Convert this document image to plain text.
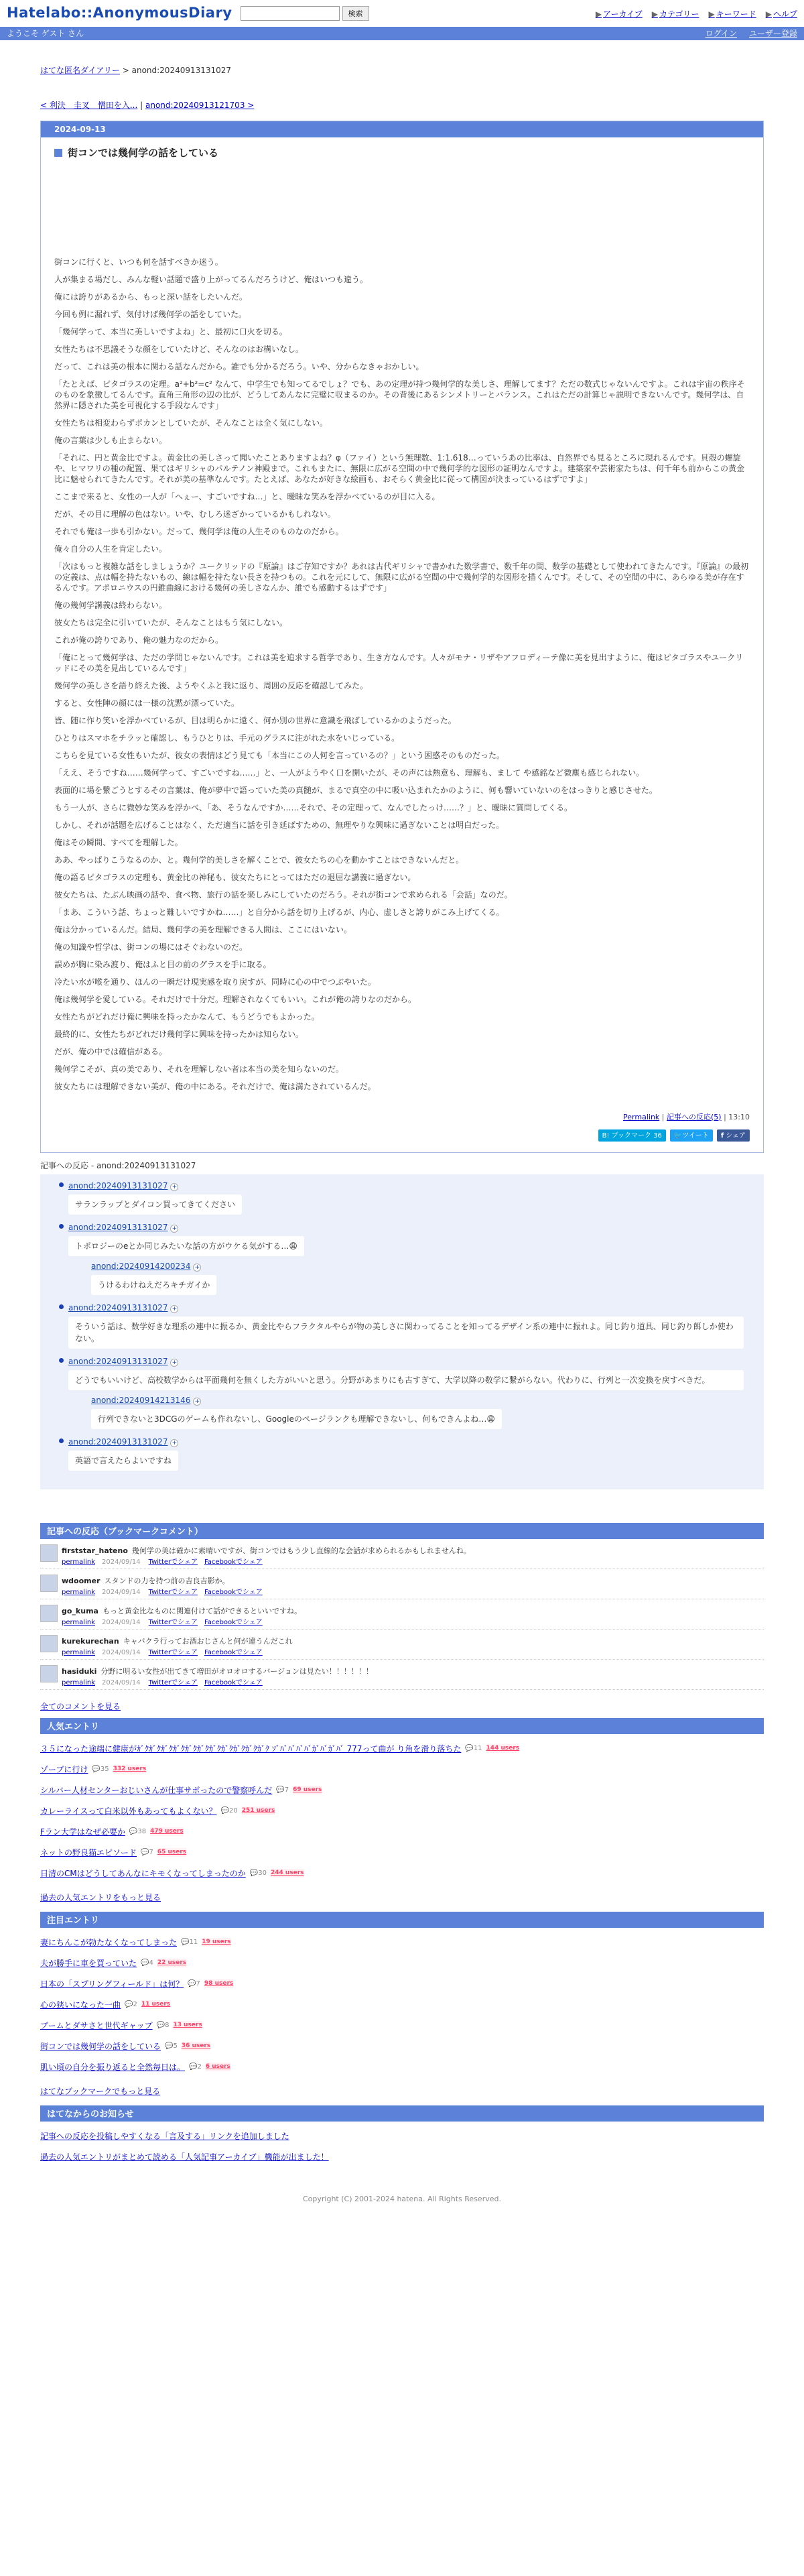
Hatelabo::AnonymousDiary	検索	▶ アーカイブ ▶ カテゴリー ▶ キーワード ▶ ヘルプ
ようこそ ゲスト さん	ログイン ユーザー登録
はてな匿名ダイアリー > anond:20240913131027
< 利決　圭叉　憎田を入... | anond:20240913121703 >
2024-09-13
街コンでは幾何学の話をしている

街コンに行くと、いつも何を話すべきか迷う。

人が集まる場だし、みんな軽い話題で盛り上がってるんだろうけど、俺はいつも違う。

俺には誇りがあるから、もっと深い話をしたいんだ。

今回も例に漏れず、気付けば幾何学の話をしていた。

「幾何学って、本当に美しいですよね」と、最初に口火を切る。

女性たちは不思議そうな顔をしていたけど、そんなのはお構いなし。

だって、これは美の根本に関わる話なんだから。誰でも分かるだろう。いや、分からなきゃおかしい。

「たとえば、ピタゴラスの定理。a²+b²=c² なんて、中学生でも知ってるでしょ？でも、あの定理が持つ幾何学的な美しさ、理解してます？ただの数式じゃないんですよ。これは宇宙の秩序そのものを象徴してるんです。直角三角形の辺の比が、どうしてあんなに完璧に収まるのか。その背後にあるシンメトリーとバランス。これはただの計算じゃ説明できないんです。幾何学は、自然界に隠された美を可視化する手段なんです」

女性たちは相変わらずポカンとしていたが、そんなことは全く気にしない。

俺の言葉は少しも止まらない。

「それに、円と黄金比ですよ。黄金比の美しさって聞いたことありますよね？φ（ファイ）という無理数、1:1.618…っていうあの比率は、自然界でも見るところに現れるんです。貝殻の螺旋や、ヒマワリの種の配置、果てはギリシャのパルテノン神殿まで。これもまたに、無限に広がる空間の中で幾何学的な図形の証明なんですよ。建築家や芸術家たちは、何千年も前からこの黄金比に魅せられてきたんです。それが美の基準なんです。たとえば、あなたが好きな絵画も、おそらく黄金比に従って構図が決まっているはずですよ」

ここまで来ると、女性の一人が「へぇー、すごいですね…」と、曖昧な笑みを浮かべているのが目に入る。

だが、その目に理解の色はない。いや、むしろ迷ざかっているかもしれない。

それでも俺は一歩も引かない。だって、幾何学は俺の人生そのものなのだから。

俺々自分の人生を肯定したい。

「次はもっと複雑な話をしましょうか？ユークリッドの『原論』はご存知ですか？あれは古代ギリシャで書かれた数学書で、数千年の間、数学の基礎として使われてきたんです。『原論』の最初の定義は、点は幅を持たないもの、線は幅を持たない長さを持つもの。これを元にして、無限に広がる空間の中で幾何学的な図形を描くんです。そして、その空間の中に、あらゆる美が存在するんです。アポロニウスの円錐曲線における幾何の美しさなんか、誰でも感動するはずです」

俺の幾何学講義は終わらない。

彼女たちは完全に引いていたが、そんなことはもう気にしない。

これが俺の誇りであり、俺の魅力なのだから。

「俺にとって幾何学は、ただの学問じゃないんです。これは美を追求する哲学であり、生き方なんです。人々がモナ・リザやアフロディーテ像に美を見出すように、俺はピタゴラスやユークリッドにその美を見出しているんです」

幾何学の美しさを語り終えた後、ようやくふと我に返り、周囲の反応を確認してみた。

すると、女性陣の顔には一様の沈黙が漂っていた。

皆、随に作り笑いを浮かべているが、目は明らかに遠く、何か別の世界に意識を飛ばしているかのようだった。

ひとりはスマホをチラッと確認し、もうひとりは、手元のグラスに注がれた水をいじっている。

こちらを見ている女性もいたが、彼女の表情はどう見ても「本当にこの人何を言っているの？」という困惑そのものだった。

「ええ、そうですね……幾何学って、すごいですね……」と、一人がようやく口を開いたが、その声には熱意も、理解も、まして や感銘など微塵も感じられない。

表面的に場を繋ごうとするその言葉は、俺が夢中で語っていた美の真髄が、まるで真空の中に吸い込まれたかのように、何も響いていないのをはっきりと感じさせた。

もう一人が、さらに微妙な笑みを浮かべ、「あ、そうなんですか……それで、その定理って、なんでしたっけ……？」と、曖昧に質問してくる。

しかし、それが話題を広げることはなく、ただ適当に話を引き延ばすための、無理やりな興味に過ぎないことは明白だった。

俺はその瞬間、すべてを理解した。

ああ、やっぱりこうなるのか、と。幾何学的美しさを解くことで、彼女たちの心を動かすことはできないんだと。

俺の語るピタゴラスの定理も、黄金比の神秘も、彼女たちにとってはただの退屈な講義に過ぎない。

彼女たちは、たぶん映画の話や、食べ物、旅行の話を楽しみにしていたのだろう。それが街コンで求められる「会話」なのだ。

「まあ、こういう話、ちょっと難しいですかね……」と自分から話を切り上げるが、内心、虚しさと誇りがこみ上げてくる。

俺は分かっているんだ。結局、幾何学の美を理解できる人間は、ここにはいない。

俺の知識や哲学は、街コンの場にはそぐわないのだ。

誤めが胸に染み渡り、俺はふと目の前のグラスを手に取る。

冷たい水が喉を通り、ほんの一瞬だけ現実感を取り戻すが、同時に心の中でつぶやいた。

俺は幾何学を愛している。それだけで十分だ。理解されなくてもいい。これが俺の誇りなのだから。

女性たちがどれだけ俺に興味を持ったかなんて、もうどうでもよかった。

最終的に、女性たちがどれだけ幾何学に興味を持ったかは知らない。

だが、俺の中では確信がある。

幾何学こそが、真の美であり、それを理解しない者は本当の美を知らないのだ。

彼女たちには理解できない美が、俺の中にある。それだけで、俺は満たされているんだ。

Permalink | 記事への反応(5) | 13:10
B! ブックマーク 36	🐦 ツイート f シェア
記事への反応 - anond:20240913131027
anond:20240913131027 +
サランラップとダイコン買ってきてください
anond:20240913131027 +
トポロジーのeとか同じみたいな話の方がウケる気がする…😩
anond:20240914200234 +
うけるわけねえだろキチガイか
anond:20240913131027 +
そういう話は、数学好きな理系の連中に振るか、黄金比やらフラクタルやらが物の美しさに関わってることを知ってるデザイン系の連中に振れよ。同じ釣り道具、同じ釣り餌しか使わない。
anond:20240913131027 +
どうでもいいけど、高校数学からは平面幾何を無くした方がいいと思う。分野があまりにも古すぎて、大学以降の数学に繋がらない。代わりに、行列と一次変換を戻すべきだ。
anond:20240914213146 +
行列できないと3DCGのゲームも作れないし、Googleのページランクも理解できないし、何もできんよね…😩
anond:20240913131027 +
英語で言えたらよいですね
記事への反応（ブックマークコメント）
firststar_hateno 幾何学の美は確かに素晴いですが、街コンではもう少し直線的な会話が求められるかもしれませんね。
permalink 2024/09/14 Twitterでシェア Facebookでシェア
wdoomer スタンドの力を持つ前の吉良吉影か。
permalink 2024/09/14 Twitterでシェア Facebookでシェア
go_kuma もっと黄金比なものに関連付けて話ができるといいですね。
permalink 2024/09/14 Twitterでシェア Facebookでシェア
kurekurechan キャバクラ行ってお酒おじさんと何が違うんだこれ
permalink 2024/09/14 Twitterでシェア Facebookでシェア
hasiduki 分野に明るい女性が出てきて増田がオロオロするバージョンは見たい！！！！！！
permalink 2024/09/14 Twitterでシェア Facebookでシェア
全てのコメントを見る
人気エントリ
３５になった途端に健康がｶﾞｸｶﾞｸｶﾞｸｶﾞｸｶﾞｸｶﾞｸｶﾞｸｶﾞｸｶﾞｸｶﾞｸｶﾞｸ ｿﾞﾊﾞﾊﾞﾊﾞﾊﾞｶﾞﾊﾞｶﾞﾊﾞ 777って曲が り角を滑り落ちた 💬11 144 users
ゾーブに行け 💬35 332 users
シルバー人材センターおじいさんが仕事サボったので警察呼んだ 💬7 69 users
カレーライスって白米以外もあってもよくない？ 💬20 251 users
Fラン大学はなぜ必要か 💬38 479 users
ネットの野良猫エピソード 💬7 65 users
日清のCMはどうしてあんなにキモくなってしまったのか 💬30 244 users
過去の人気エントリをもっと見る
注目エントリ
妻にちんこが勃たなくなってしまった 💬11 19 users
夫が勝手に車を買っていた 💬4 22 users
日本の「スプリングフィールド」は何？ 💬7 98 users
心の狭いになった一曲 💬2 11 users
ブームとダサさと世代ギャップ 💬8 13 users
街コンでは幾何学の話をしている 💬5 36 users
肌い頃の自分を振り返ると全然毎日は。 💬2 6 users
はてなブックマークでもっと見る
はてなからのお知らせ
記事への反応を投稿しやすくなる「言及する」リンクを追加しました
過去の人気エントリがまとめて読める「人気記事アーカイブ」機能が出ました！
Copyright (C) 2001-2024 hatena. All Rights Reserved.
